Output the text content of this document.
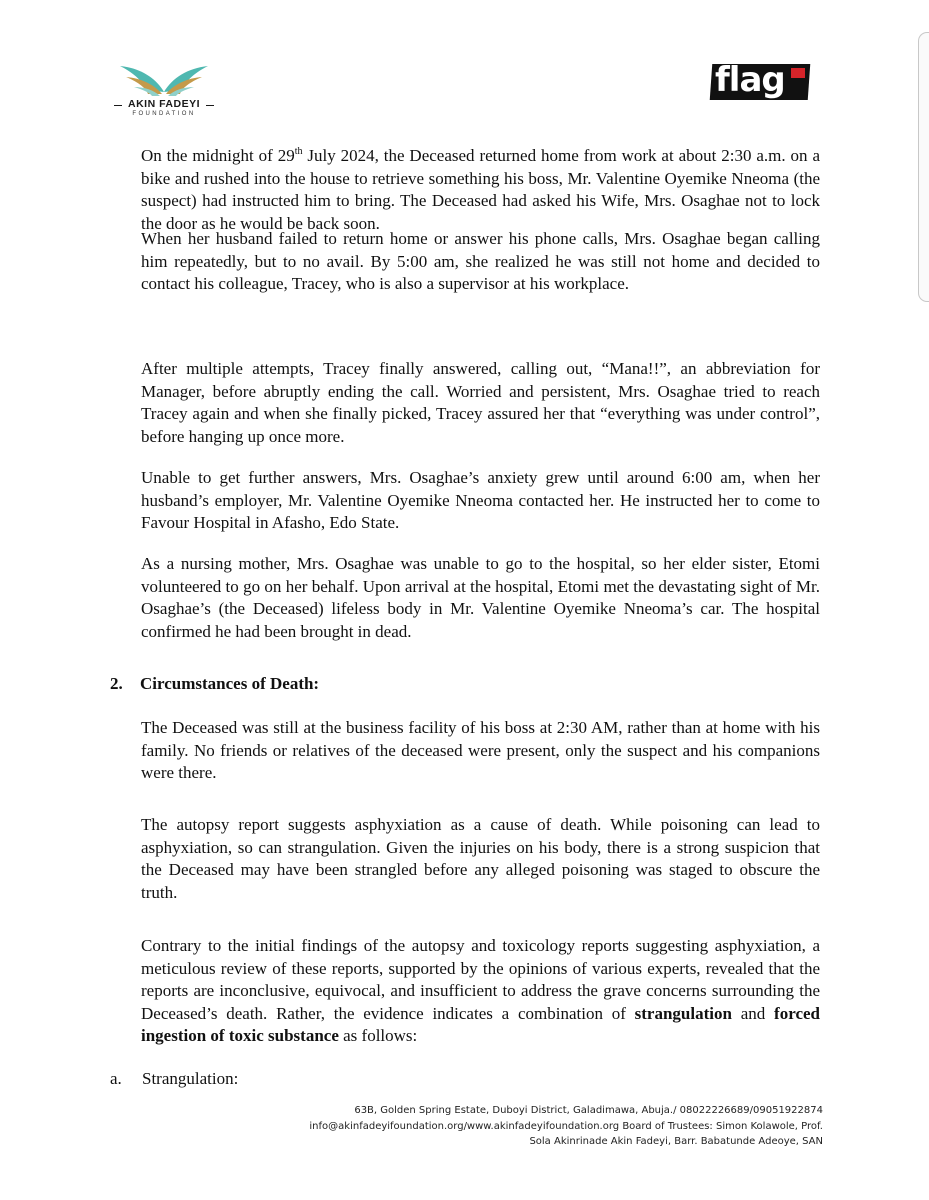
AKIN FADEYI
FOUNDATION
flag

On the midnight of 29th July 2024, the Deceased returned home from work at about 2:30 a.m. on a bike and rushed into the house to retrieve something his boss, Mr. Valentine Oyemike Nneoma (the suspect) had instructed him to bring. The Deceased had asked his Wife, Mrs. Osaghae not to lock the door as he would be back soon.

When her husband failed to return home or answer his phone calls, Mrs. Osaghae began calling him repeatedly, but to no avail. By 5:00 am, she realized he was still not home and decided to contact his colleague, Tracey, who is also a supervisor at his workplace.

After multiple attempts, Tracey finally answered, calling out, “Mana!!”, an abbreviation for Manager, before abruptly ending the call. Worried and persistent, Mrs. Osaghae tried to reach Tracey again and when she finally picked, Tracey assured her that “everything was under control”, before hanging up once more.

Unable to get further answers, Mrs. Osaghae’s anxiety grew until around 6:00 am, when her husband’s employer, Mr. Valentine Oyemike Nneoma contacted her. He instructed her to come to Favour Hospital in Afasho, Edo State.

As a nursing mother, Mrs. Osaghae was unable to go to the hospital, so her elder sister, Etomi volunteered to go on her behalf. Upon arrival at the hospital, Etomi met the devastating sight of Mr. Osaghae’s (the Deceased) lifeless body in Mr. Valentine Oyemike Nneoma’s car. The hospital confirmed he had been brought in dead.

2. Circumstances of Death:

The Deceased was still at the business facility of his boss at 2:30 AM, rather than at home with his family. No friends or relatives of the deceased were present, only the suspect and his companions were there.

The autopsy report suggests asphyxiation as a cause of death. While poisoning can lead to asphyxiation, so can strangulation. Given the injuries on his body, there is a strong suspicion that the Deceased may have been strangled before any alleged poisoning was staged to obscure the truth.

Contrary to the initial findings of the autopsy and toxicology reports suggesting asphyxiation, a meticulous review of these reports, supported by the opinions of various experts, revealed that the reports are inconclusive, equivocal, and insufficient to address the grave concerns surrounding the Deceased’s death. Rather, the evidence indicates a combination of strangulation and forced ingestion of toxic substance as follows:

a. Strangulation:

63B, Golden Spring Estate, Duboyi District, Galadimawa, Abuja./ 08022226689/09051922874
info@akinfadeyifoundation.org/www.akinfadeyifoundation.org Board of Trustees: Simon Kolawole, Prof.
Sola Akinrinade Akin Fadeyi, Barr. Babatunde Adeoye, SAN
